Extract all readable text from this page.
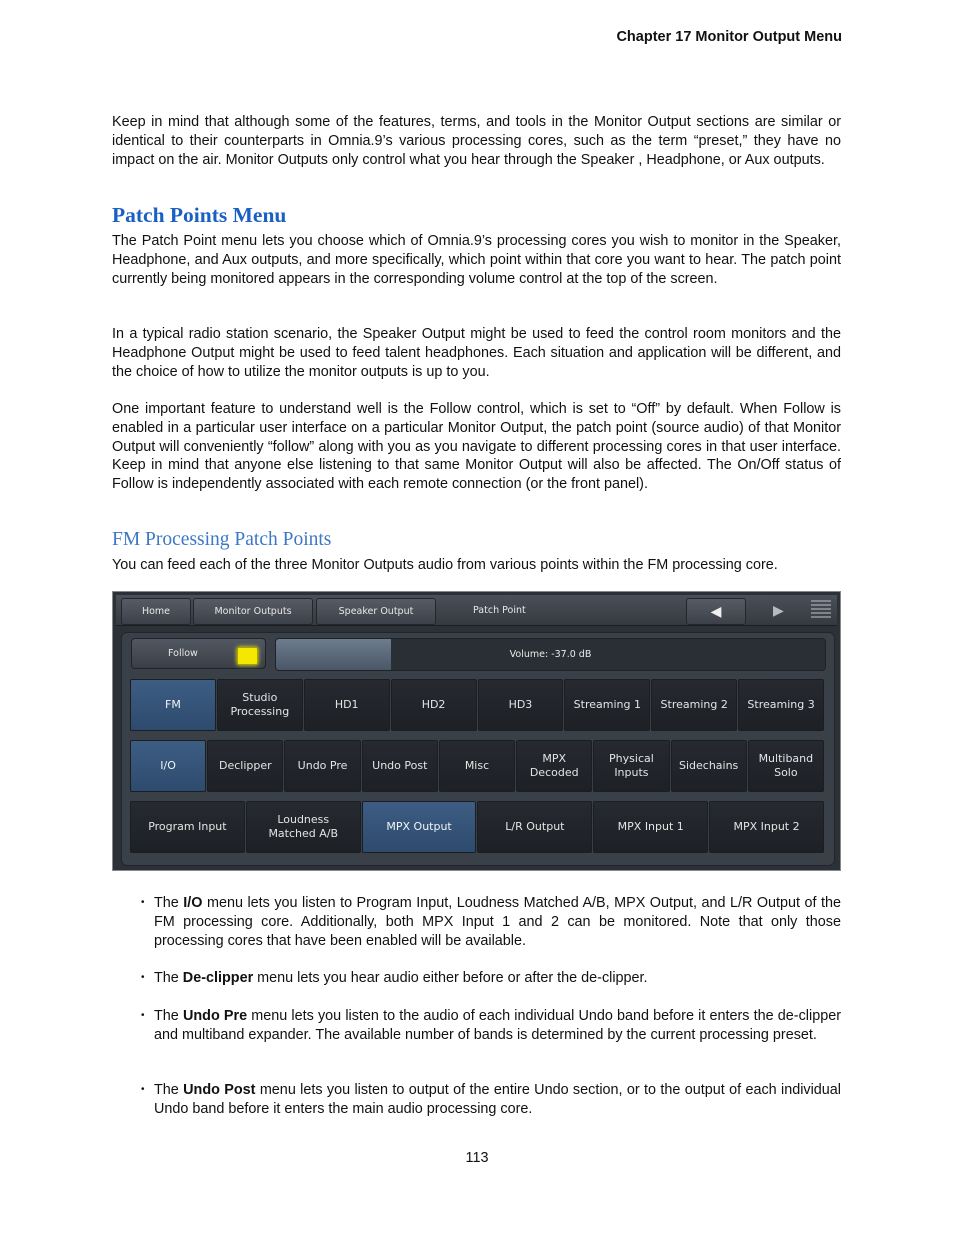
Chapter 17 Monitor Output Menu

Keep in mind that although some of the features, terms, and tools in the Monitor Output sections are similar or identical to their counterparts in Omnia.9’s various processing cores, such as the term “preset,” they have no impact on the air. Monitor Outputs only control what you hear through the Speaker , Headphone, or Aux outputs.

Patch Points Menu

The Patch Point menu lets you choose which of Omnia.9’s processing cores you wish to monitor in the Speaker, Headphone, and Aux outputs, and more specifically, which point within that core you want to hear. The patch point currently being monitored appears in the corresponding volume control at the top of the screen.

In a typical radio station scenario, the Speaker Output might be used to feed the control room monitors and the Headphone Output might be used to feed talent headphones. Each situation and application will be different, and the choice of how to utilize the monitor outputs is up to you.

One important feature to understand well is the Follow control, which is set to “Off” by default. When Follow is enabled in a particular user interface on a particular Monitor Output, the patch point (source audio) of that Monitor Output will conveniently “follow” along with you as you navigate to different processing cores in that user interface. Keep in mind that anyone else listening to that same Monitor Output will also be affected. The On/Off status of Follow is independently associated with each remote connection (or the front panel).

FM Processing Patch Points

You can feed each of the three Monitor Outputs audio from various points within the FM processing core.

Home	Monitor Outputs	Speaker Output	Patch Point	◀	▶
Follow	Volume: -37.0 dB
FM
Studio
Processing
HD1	HD2	HD3	Streaming 1	Streaming 2	Streaming 3
I/O	Declipper	Undo Pre	Undo Post	Misc
MPX
Decoded
Physical
Inputs
Sidechains
Multiband
Solo
Program Input
Loudness
Matched A/B
MPX Output	L/R Output	MPX Input 1	MPX Input 2
• The I/O menu lets you listen to Program Input, Loudness Matched A/B, MPX Output, and L/R Output of the FM processing core. Additionally, both MPX Input 1 and 2 can be monitored. Note that only those processing cores that have been enabled will be available.
• The De-clipper menu lets you hear audio either before or after the de-clipper.
• The Undo Pre menu lets you listen to the audio of each individual Undo band before it enters the de-clipper and multiband expander. The available number of bands is determined by the current processing preset.
• The Undo Post menu lets you listen to output of the entire Undo section, or to the output of each individual Undo band before it enters the main audio processing core.
113
